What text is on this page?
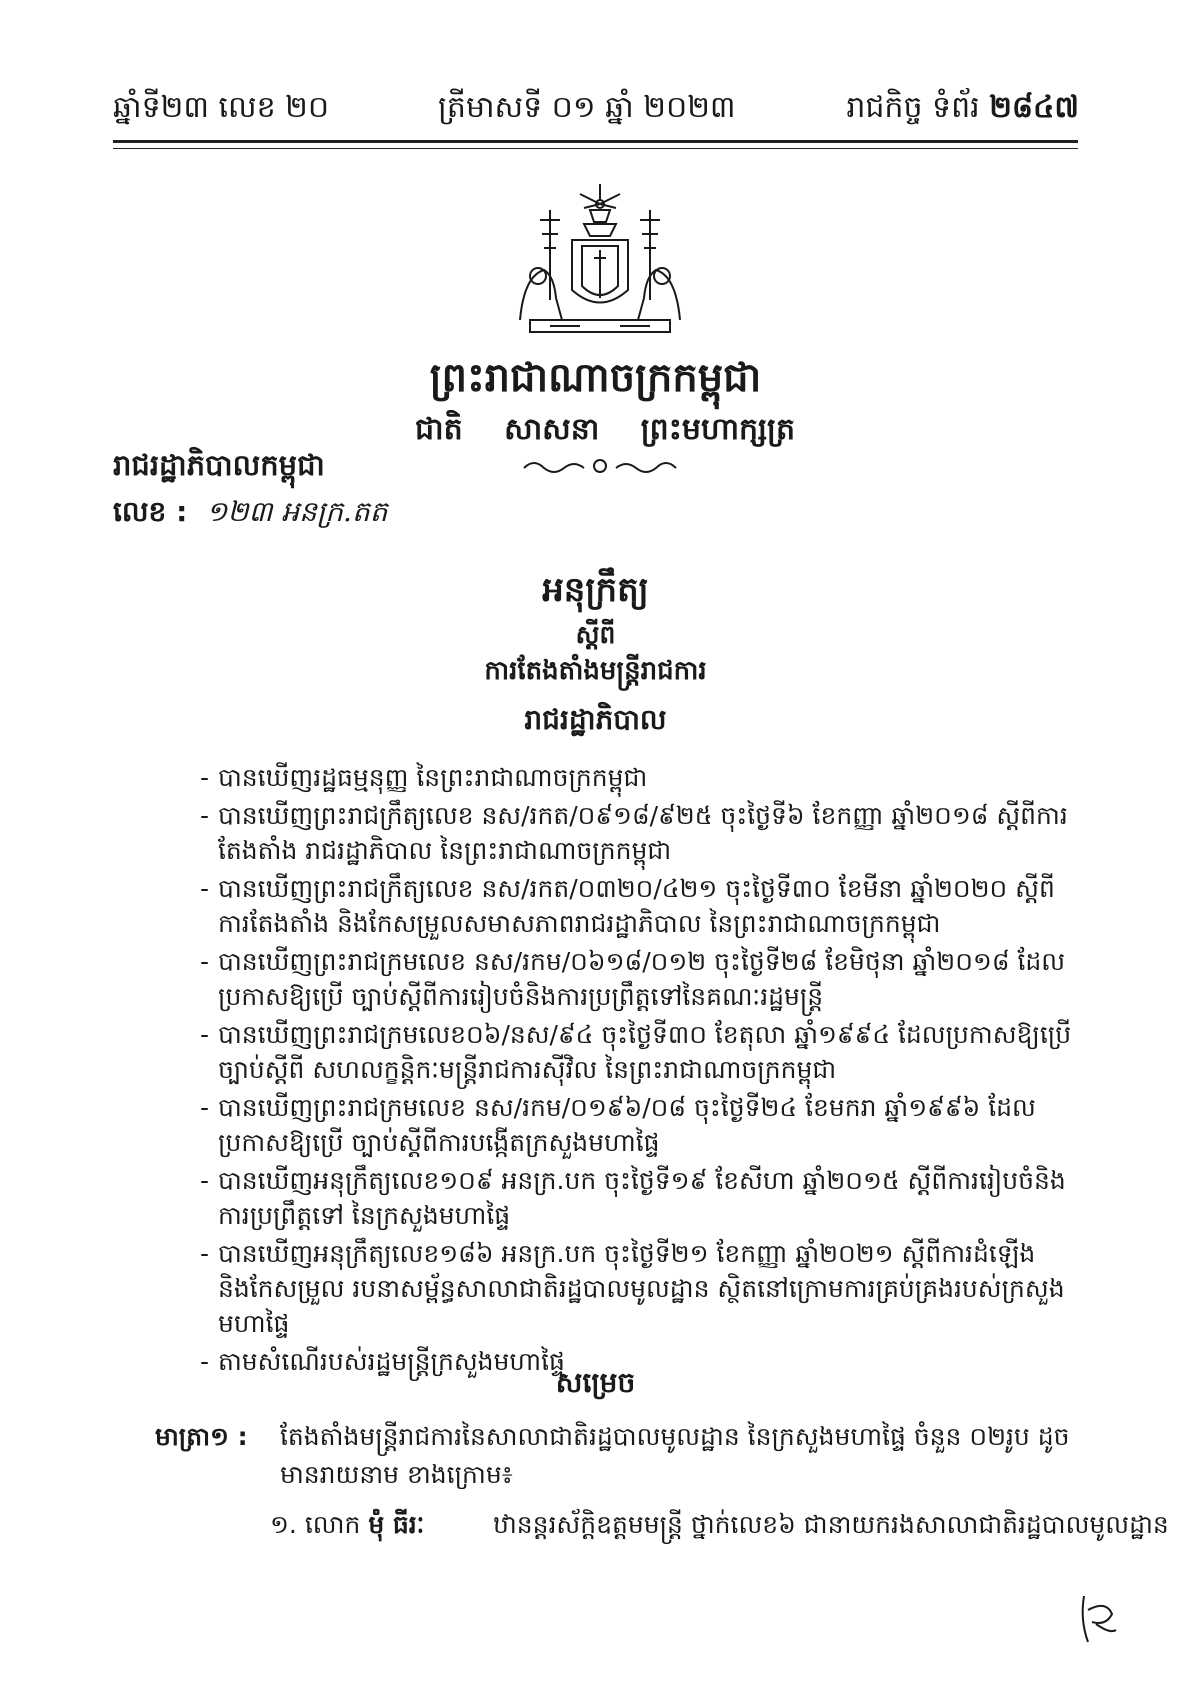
ឆ្នាំទី២៣ លេខ ២០	ត្រីមាសទី ០១ ឆ្នាំ ២០២៣	រាជកិច្ច ទំព័រ ២៨៤៧
ព្រះរាជាណាចក្រកម្ពុជា
ជាតិ សាសនា ព្រះមហាក្សត្រ
រាជរដ្ឋាភិបាលកម្ពុជា
លេខ : ១២៣ អនក្រ.តត
អនុក្រឹត្យ
ស្តីពី
ការតែងតាំងមន្ត្រីរាជការ
រាជរដ្ឋាភិបាល
- បានឃើញរដ្ឋធម្មនុញ្ញ នៃព្រះរាជាណាចក្រកម្ពុជា
- បានឃើញព្រះរាជក្រឹត្យលេខ នស/រកត/០៩១៨/៩២៥ ចុះថ្ងៃទី៦ ខែកញ្ញា ឆ្នាំ២០១៨ ស្តីពីការតែងតាំង រាជរដ្ឋាភិបាល នៃព្រះរាជាណាចក្រកម្ពុជា
- បានឃើញព្រះរាជក្រឹត្យលេខ នស/រកត/០៣២០/៤២១ ចុះថ្ងៃទី៣០ ខែមីនា ឆ្នាំ២០២០ ស្តីពីការតែងតាំង និងកែសម្រួលសមាសភាពរាជរដ្ឋាភិបាល នៃព្រះរាជាណាចក្រកម្ពុជា
- បានឃើញព្រះរាជក្រមលេខ នស/រកម/០៦១៨/០១២ ចុះថ្ងៃទី២៨ ខែមិថុនា ឆ្នាំ២០១៨ ដែលប្រកាសឱ្យប្រើ ច្បាប់ស្តីពីការរៀបចំនិងការប្រព្រឹត្តទៅនៃគណៈរដ្ឋមន្ត្រី
- បានឃើញព្រះរាជក្រមលេខ០៦/នស/៩៤ ចុះថ្ងៃទី៣០ ខែតុលា ឆ្នាំ១៩៩៤ ដែលប្រកាសឱ្យប្រើច្បាប់ស្តីពី សហលក្ខន្តិកៈមន្ត្រីរាជការស៊ីវិល នៃព្រះរាជាណាចក្រកម្ពុជា
- បានឃើញព្រះរាជក្រមលេខ នស/រកម/០១៩៦/០៨ ចុះថ្ងៃទី២៤ ខែមករា ឆ្នាំ១៩៩៦ ដែលប្រកាសឱ្យប្រើ ច្បាប់ស្តីពីការបង្កើតក្រសួងមហាផ្ទៃ
- បានឃើញអនុក្រឹត្យលេខ១០៩ អនក្រ.បក ចុះថ្ងៃទី១៩ ខែសីហា ឆ្នាំ២០១៥ ស្តីពីការរៀបចំនិងការប្រព្រឹត្តទៅ នៃក្រសួងមហាផ្ទៃ
- បានឃើញអនុក្រឹត្យលេខ១៨៦ អនក្រ.បក ចុះថ្ងៃទី២១ ខែកញ្ញា ឆ្នាំ២០២១ ស្តីពីការដំឡើង និងកែសម្រួល របនាសម្ព័ន្ធសាលាជាតិរដ្ឋបាលមូលដ្ឋាន ស្ថិតនៅក្រោមការគ្រប់គ្រងរបស់ក្រសួងមហាផ្ទៃ
- តាមសំណើរបស់រដ្ឋមន្ត្រីក្រសួងមហាផ្ទៃ
សម្រេច
មាត្រា១ : តែងតាំងមន្ត្រីរាជការនៃសាលាជាតិរដ្ឋបាលមូលដ្ឋាន នៃក្រសួងមហាផ្ទៃ ចំនួន ០២រូប ដូចមានរាយនាម ខាងក្រោម៖
១. លោក ម៉ុំ ធីរៈ	ឋានន្តរស័ក្តិឧត្តមមន្ត្រី ថ្នាក់លេខ៦ ជានាយករងសាលាជាតិរដ្ឋបាលមូលដ្ឋាន
